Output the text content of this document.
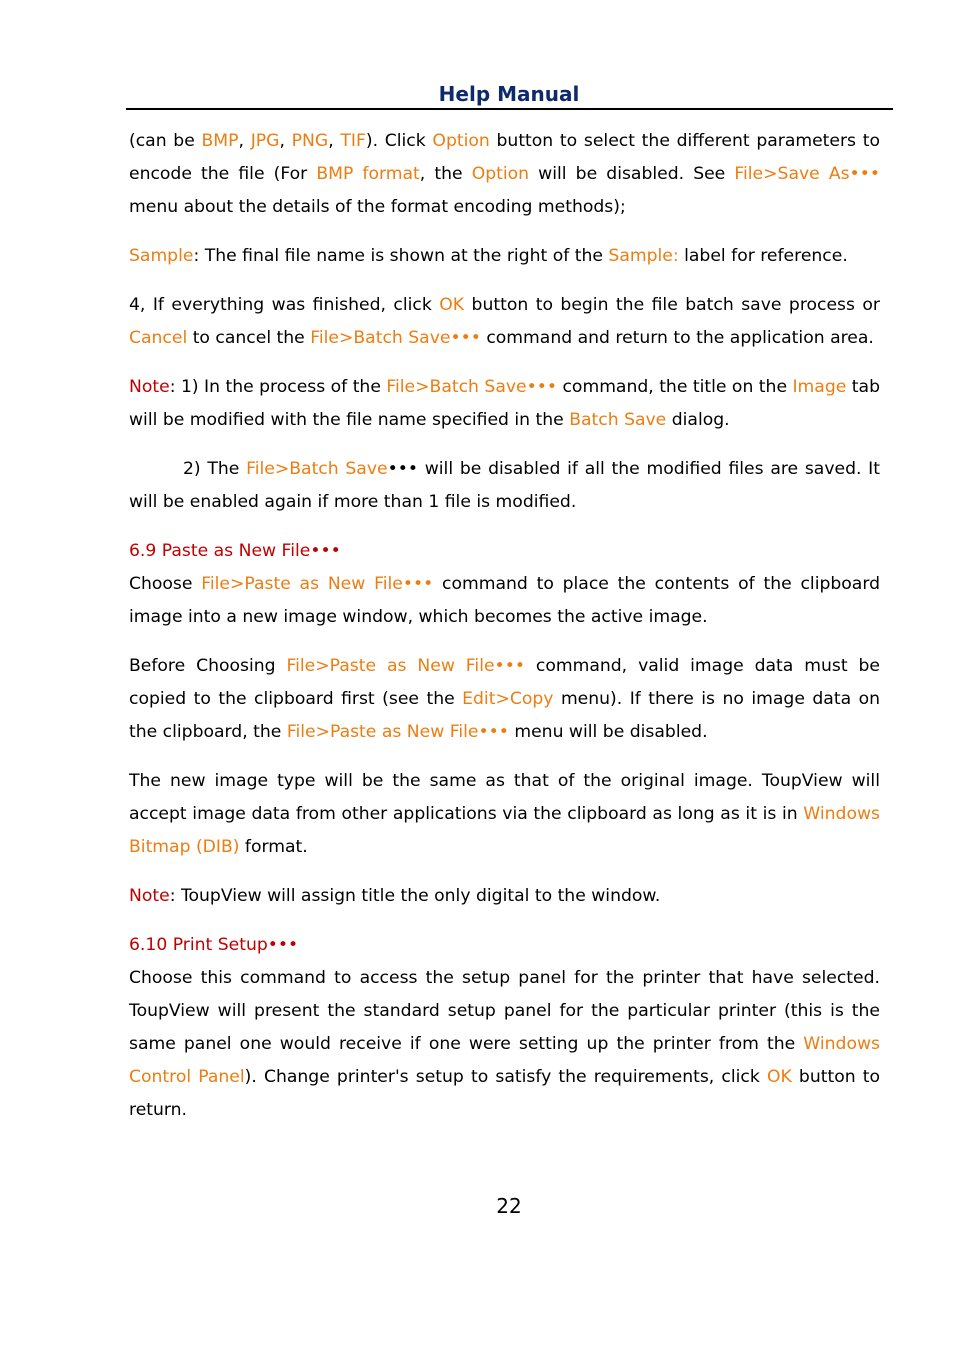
Help Manual

(can be BMP, JPG, PNG, TIF). Click Option button to select the different parameters to encode the file (For BMP format, the Option will be disabled. See File>Save As••• menu about the details of the format encoding methods);

Sample: The final file name is shown at the right of the Sample: label for reference.

4, If everything was finished, click OK button to begin the file batch save process or Cancel to cancel the File>Batch Save••• command and return to the application area.

Note: 1) In the process of the File>Batch Save••• command, the title on the Image tab will be modified with the file name specified in the Batch Save dialog.

2) The File>Batch Save••• will be disabled if all the modified files are saved. It will be enabled again if more than 1 file is modified.

6.9 Paste as New File•••

Choose File>Paste as New File••• command to place the contents of the clipboard image into a new image window, which becomes the active image.

Before Choosing File>Paste as New File••• command, valid image data must be copied to the clipboard first (see the Edit>Copy menu). If there is no image data on the clipboard, the File>Paste as New File••• menu will be disabled.

The new image type will be the same as that of the original image. ToupView will accept image data from other applications via the clipboard as long as it is in Windows Bitmap (DIB) format.

Note: ToupView will assign title the only digital to the window.

6.10 Print Setup•••

Choose this command to access the setup panel for the printer that have selected. ToupView will present the standard setup panel for the particular printer (this is the same panel one would receive if one were setting up the printer from the Windows Control Panel). Change printer's setup to satisfy the requirements, click OK button to return.

22
